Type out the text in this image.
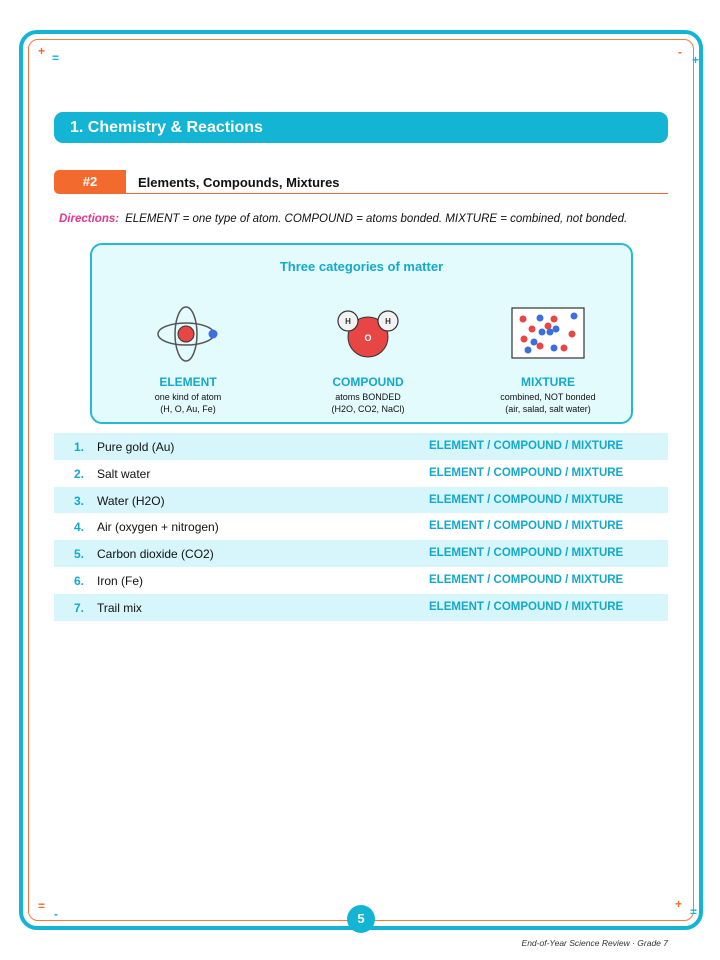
+ =	-
+
=
-
+
=
1. Chemistry & Reactions
#2	Elements, Compounds, Mixtures
Directions: ELEMENT = one type of atom. COMPOUND = atoms bonded. MIXTURE = combined, not bonded.
Three categories of matter
ELEMENT
one kind of atom
(H, O, Au, Fe)
H
O
H
COMPOUND
atoms BONDED
(H2O, CO2, NaCl)
MIXTURE
combined, NOT bonded
(air, salad, salt water)
1. Pure gold (Au)	ELEMENT / COMPOUND / MIXTURE
2. Salt water	ELEMENT / COMPOUND / MIXTURE
3. Water (H2O)	ELEMENT / COMPOUND / MIXTURE
4. Air (oxygen + nitrogen)	ELEMENT / COMPOUND / MIXTURE
5. Carbon dioxide (CO2)	ELEMENT / COMPOUND / MIXTURE
6. Iron (Fe)	ELEMENT / COMPOUND / MIXTURE
7. Trail mix	ELEMENT / COMPOUND / MIXTURE
5
End-of-Year Science Review · Grade 7
